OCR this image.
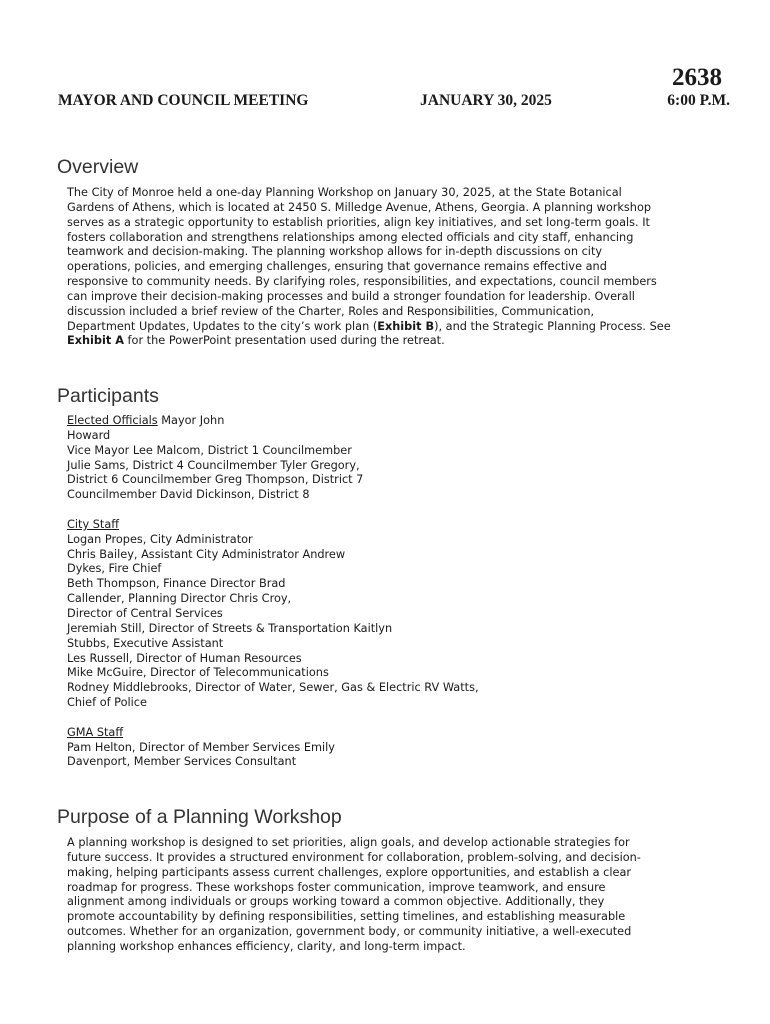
2638
MAYOR AND COUNCIL MEETING	JANUARY 30, 2025	6:00 P.M.
Overview
The City of Monroe held a one-day Planning Workshop on January 30, 2025, at the State Botanical
Gardens of Athens, which is located at 2450 S. Milledge Avenue, Athens, Georgia. A planning workshop
serves as a strategic opportunity to establish priorities, align key initiatives, and set long-term goals. It
fosters collaboration and strengthens relationships among elected officials and city staff, enhancing
teamwork and decision-making. The planning workshop allows for in-depth discussions on city
operations, policies, and emerging challenges, ensuring that governance remains effective and
responsive to community needs. By clarifying roles, responsibilities, and expectations, council members
can improve their decision-making processes and build a stronger foundation for leadership. Overall
discussion included a brief review of the Charter, Roles and Responsibilities, Communication,
Department Updates, Updates to the city’s work plan (Exhibit B), and the Strategic Planning Process. See
Exhibit A for the PowerPoint presentation used during the retreat.
Participants
Elected Officials Mayor John
Howard
Vice Mayor Lee Malcom, District 1 Councilmember
Julie Sams, District 4 Councilmember Tyler Gregory,
District 6 Councilmember Greg Thompson, District 7
Councilmember David Dickinson, District 8

City Staff
Logan Propes, City Administrator
Chris Bailey, Assistant City Administrator Andrew
Dykes, Fire Chief
Beth Thompson, Finance Director Brad
Callender, Planning Director Chris Croy,
Director of Central Services
Jeremiah Still, Director of Streets & Transportation Kaitlyn
Stubbs, Executive Assistant
Les Russell, Director of Human Resources
Mike McGuire, Director of Telecommunications
Rodney Middlebrooks, Director of Water, Sewer, Gas & Electric RV Watts,
Chief of Police

GMA Staff
Pam Helton, Director of Member Services Emily
Davenport, Member Services Consultant
Purpose of a Planning Workshop
A planning workshop is designed to set priorities, align goals, and develop actionable strategies for
future success. It provides a structured environment for collaboration, problem-solving, and decision-
making, helping participants assess current challenges, explore opportunities, and establish a clear
roadmap for progress. These workshops foster communication, improve teamwork, and ensure
alignment among individuals or groups working toward a common objective. Additionally, they
promote accountability by defining responsibilities, setting timelines, and establishing measurable
outcomes. Whether for an organization, government body, or community initiative, a well-executed
planning workshop enhances efficiency, clarity, and long-term impact.
